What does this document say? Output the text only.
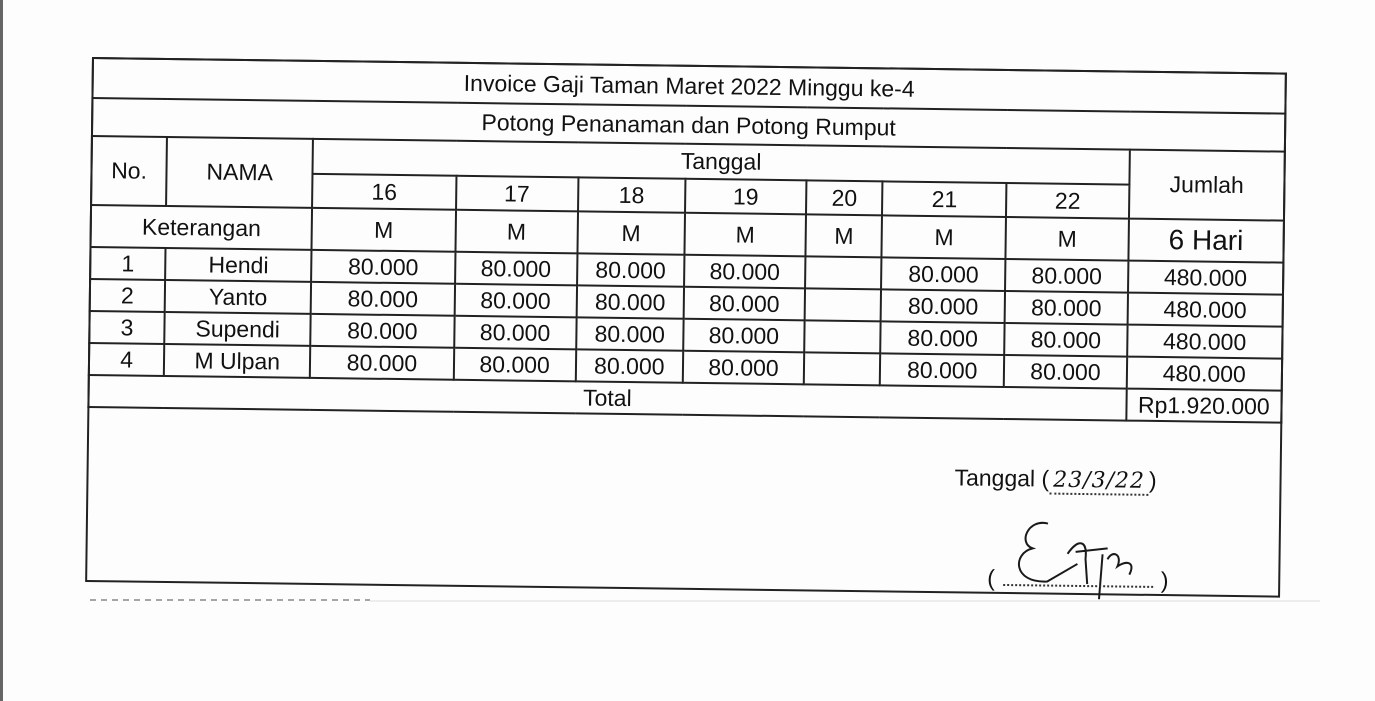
Invoice Gaji Taman Maret 2022 Minggu ke-4									
Potong Penanaman dan Potong Rumput									
No.	NAMA	Tanggal							Jumlah
		16	17	18	19	20	21	22	
Keterangan		M	M	M	M	M	M	M	6 Hari
1	Hendi	80.000	80.000	80.000	80.000		80.000	80.000	480.000
2	Yanto	80.000	80.000	80.000	80.000		80.000	80.000	480.000
3	Supendi	80.000	80.000	80.000	80.000		80.000	80.000	480.000
4	M Ulpan	80.000	80.000	80.000	80.000		80.000	80.000	480.000
Total									Rp1.920.000
Tanggal ( 23/3/22 )
(	)
